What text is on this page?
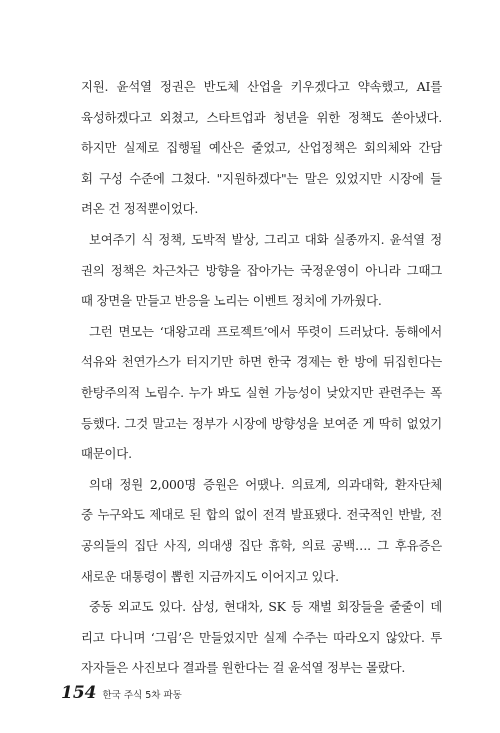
지원. 윤석열 정권은 반도체 산업을 키우겠다고 약속했고, AI를
육성하겠다고 외쳤고, 스타트업과 청년을 위한 정책도 쏟아냈다.
하지만 실제로 집행될 예산은 줄었고, 산업정책은 회의체와 간담
회 구성 수준에 그쳤다. "지원하겠다"는 말은 있었지만 시장에 들
려온 건 정적뿐이었다.
보여주기 식 정책, 도박적 발상, 그리고 대화 실종까지. 윤석열 정
권의 정책은 차근차근 방향을 잡아가는 국정운영이 아니라 그때그
때 장면을 만들고 반응을 노리는 이벤트 정치에 가까웠다.
그런 면모는 ‘대왕고래 프로젝트’에서 뚜렷이 드러났다. 동해에서
석유와 천연가스가 터지기만 하면 한국 경제는 한 방에 뒤집힌다는
한탕주의적 노림수. 누가 봐도 실현 가능성이 낮았지만 관련주는 폭
등했다. 그것 말고는 정부가 시장에 방향성을 보여준 게 딱히 없었기
때문이다.
의대 정원 2,000명 증원은 어땠나. 의료계, 의과대학, 환자단체
중 누구와도 제대로 된 합의 없이 전격 발표됐다. 전국적인 반발, 전
공의들의 집단 사직, 의대생 집단 휴학, 의료 공백…. 그 후유증은
새로운 대통령이 뽑힌 지금까지도 이어지고 있다.
중동 외교도 있다. 삼성, 현대차, SK 등 재벌 회장들을 줄줄이 데
리고 다니며 ‘그림’은 만들었지만 실제 수주는 따라오지 않았다. 투
자자들은 사진보다 결과를 원한다는 걸 윤석열 정부는 몰랐다.
154 한국 주식 5차 파동
